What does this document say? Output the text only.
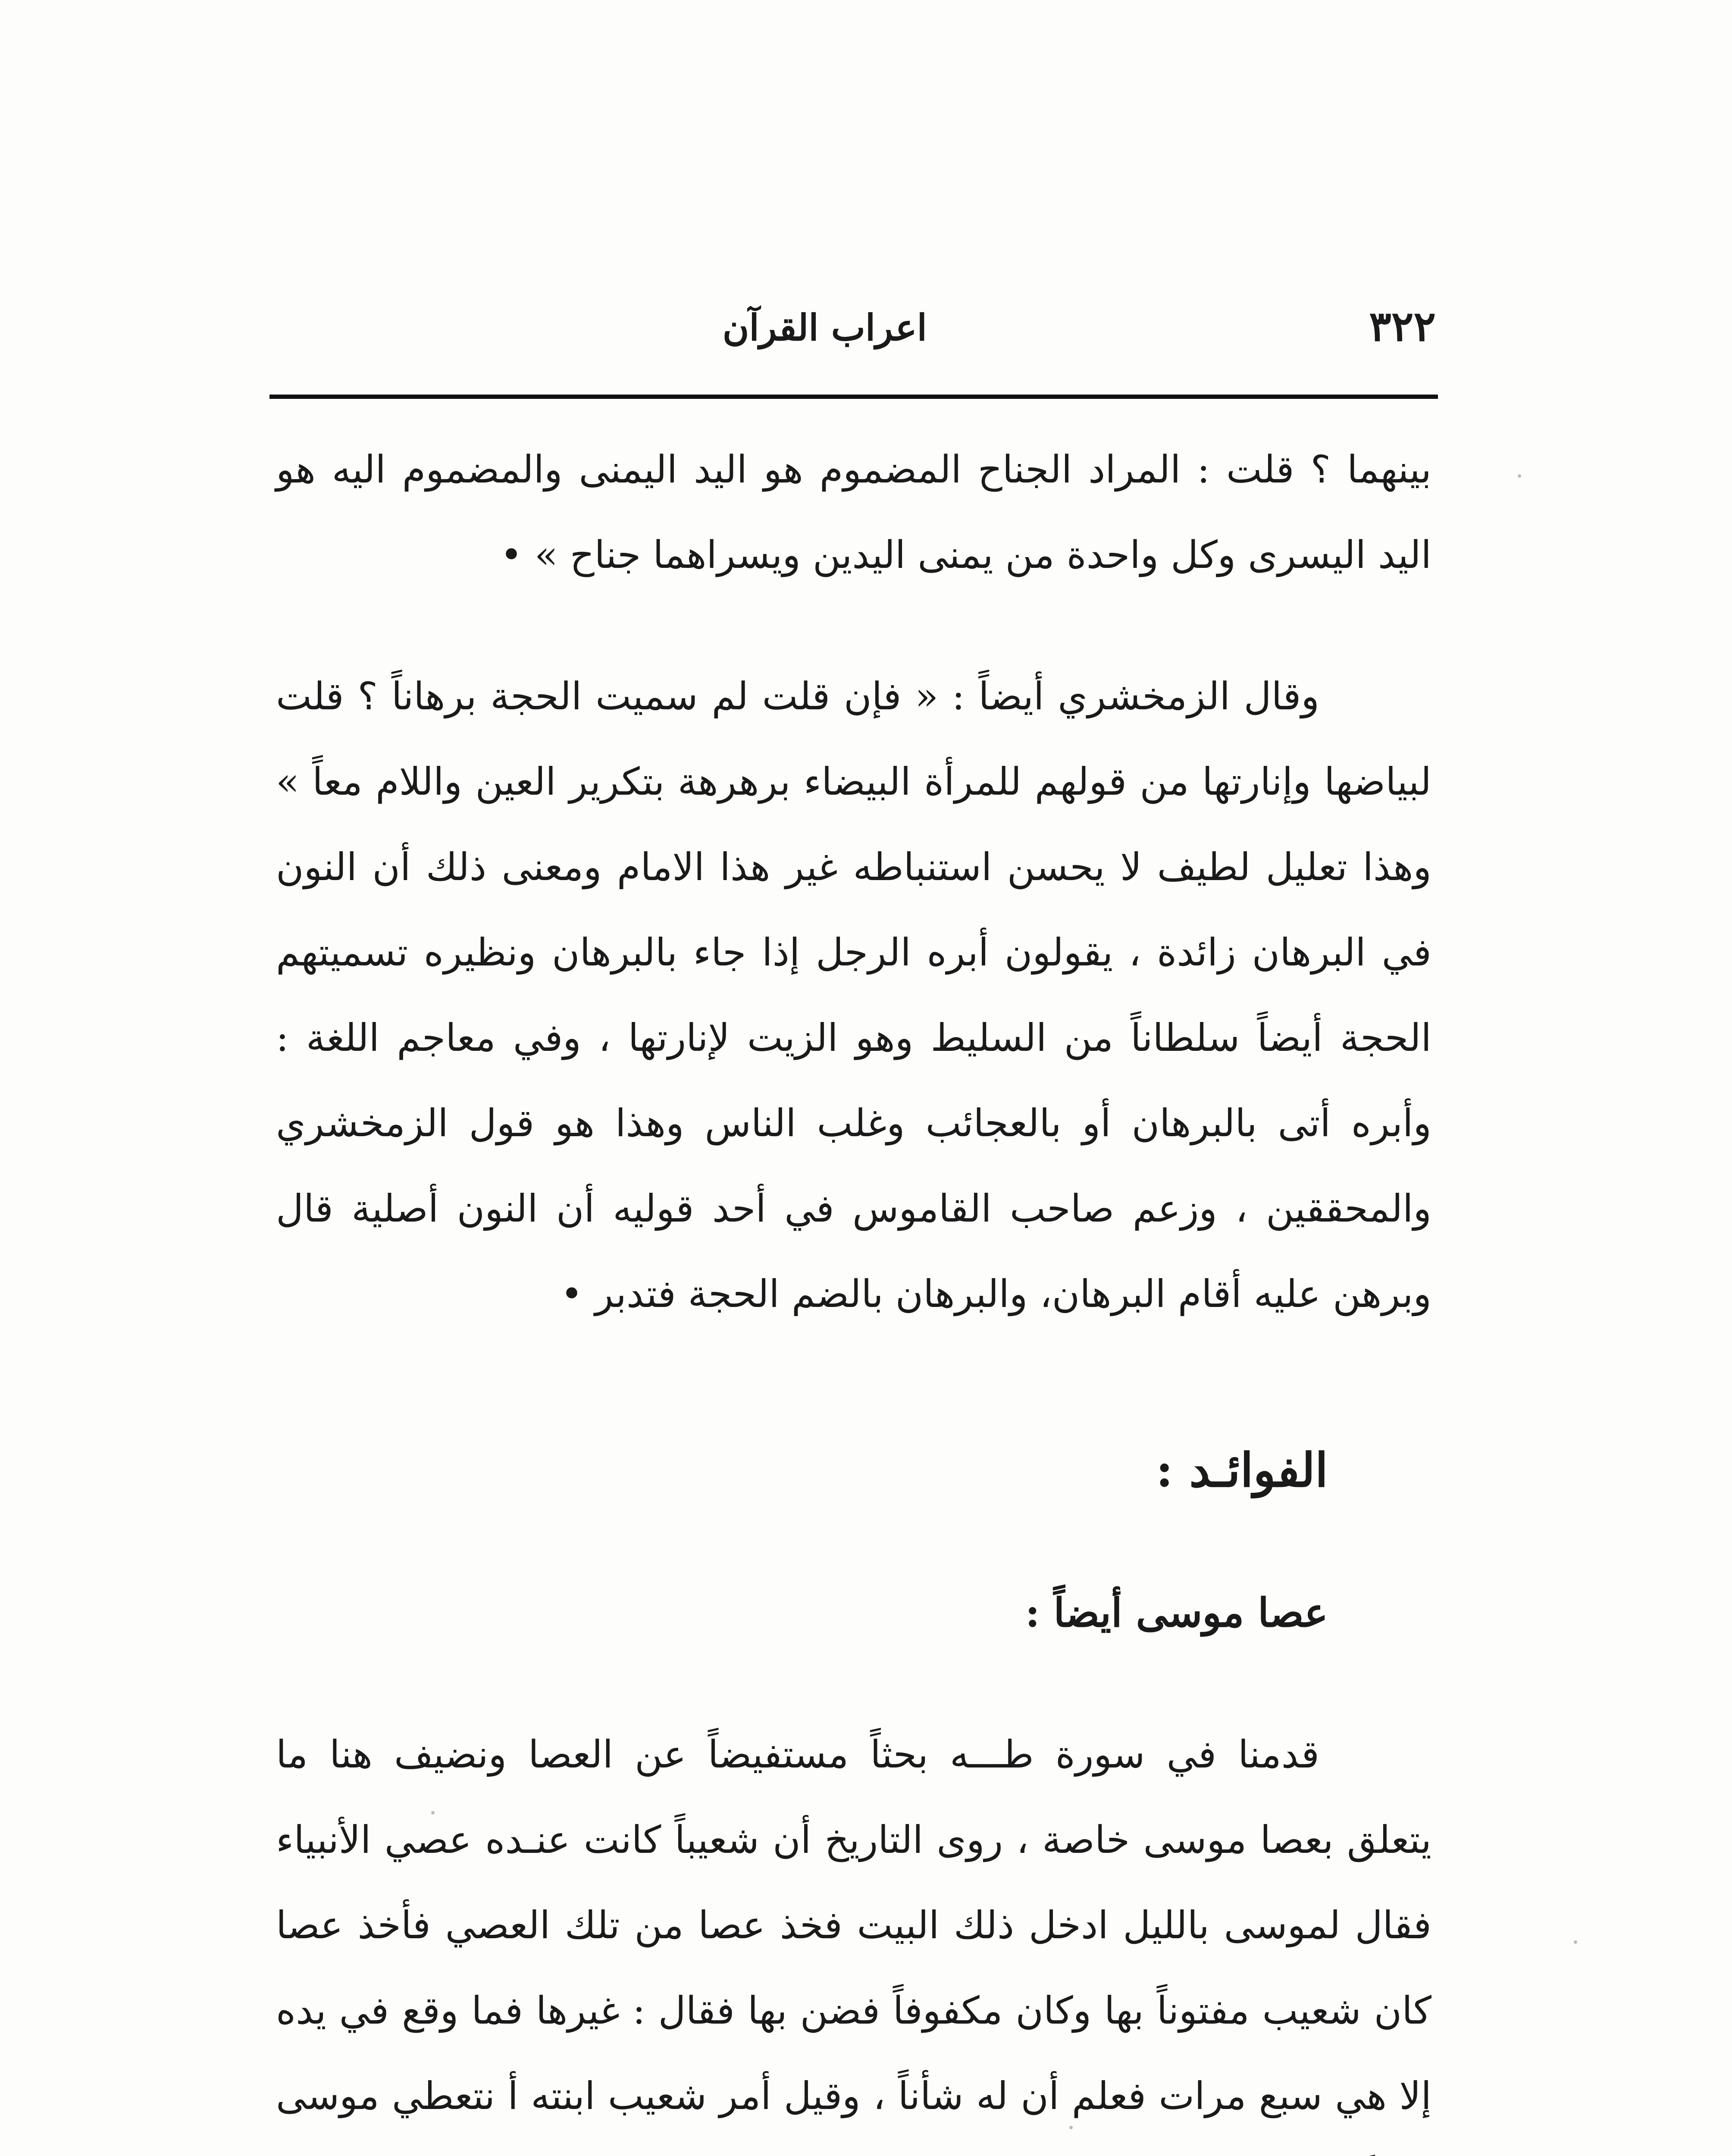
٣٢٢
اعراب القرآن

بينهما ؟ قلت : المراد الجناح المضموم هو اليد اليمنى والمضموم اليه هو اليد اليسرى وكل واحدة من يمنى اليدين ويسراهما جناح » •

وقال الزمخشري أيضاً : « فإن قلت لم سميت الحجة برهاناً ؟ قلت لبياضها وإنارتها من قولهم للمرأة البيضاء برهرهة بتكرير العين واللام معاً » وهذا تعليل لطيف لا يحسن استنباطه غير هذا الامام ومعنى ذلك أن النون في البرهان زائدة ، يقولون أبره الرجل إذا جاء بالبرهان ونظيره تسميتهم الحجة أيضاً سلطاناً من السليط وهو الزيت لإنارتها ، وفي معاجم اللغة : وأبره أتى بالبرهان أو بالعجائب وغلب الناس وهذا هو قول الزمخشري والمحققين ، وزعم صاحب القاموس في أحد قوليه أن النون أصلية قال وبرهن عليه أقام البرهان، والبرهان بالضم الحجة فتدبر •

الفوائـد :
عصا موسى أيضاً :

قدمنا في سورة طـــه بحثاً مستفيضاً عن العصا ونضيف هنا ما يتعلق بعصا موسى خاصة ، روى التاريخ أن شعيباً كانت عنـده عصي الأنبياء فقال لموسى بالليل ادخل ذلك البيت فخذ عصا من تلك العصي فأخذ عصا كان شعيب مفتوناً بها وكان مكفوفاً فضن بها فقال : غيرها فما وقع في يده إلا هي سبع مرات فعلم أن له شأناً ، وقيل أمر شعيب ابنته أ نتعطي موسى
